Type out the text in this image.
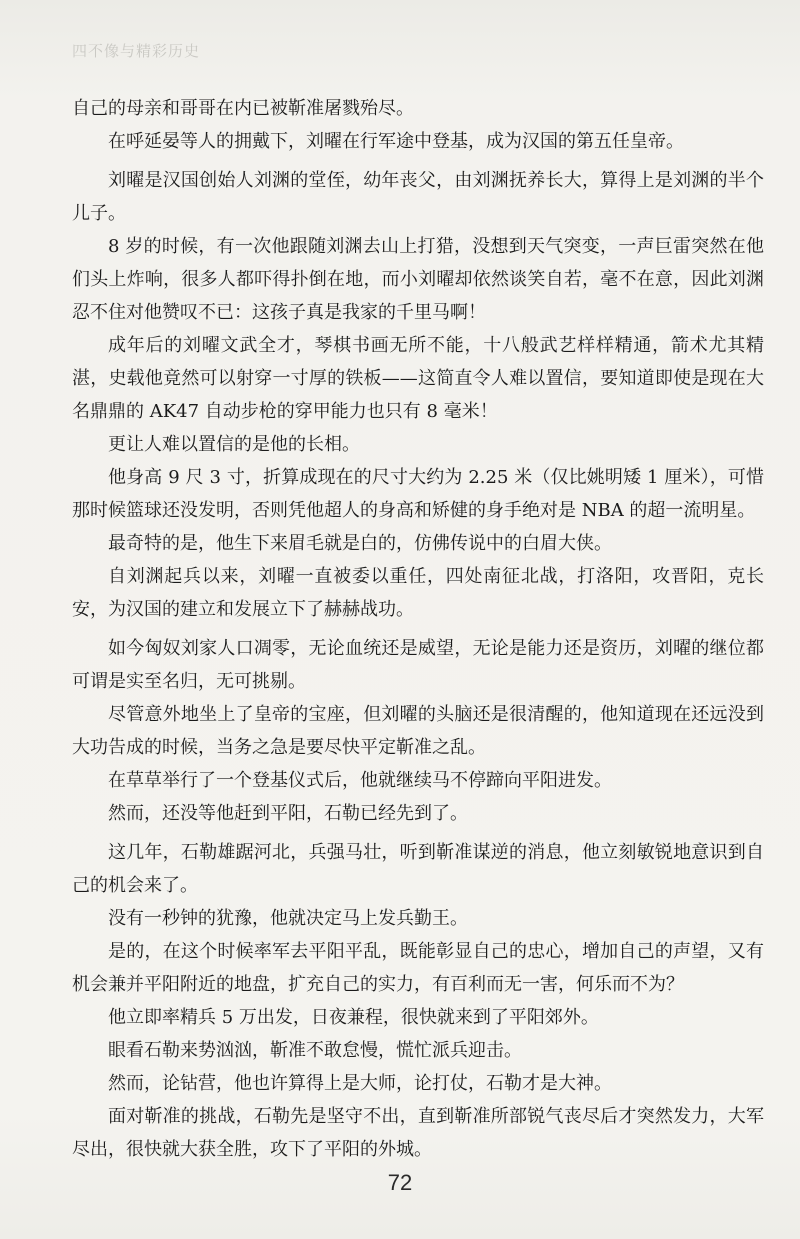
四不像与精彩历史

自己的母亲和哥哥在内已被靳准屠戮殆尽。

在呼延晏等人的拥戴下，刘曜在行军途中登基，成为汉国的第五任皇帝。

刘曜是汉国创始人刘渊的堂侄，幼年丧父，由刘渊抚养长大，算得上是刘渊的半个儿子。

8 岁的时候，有一次他跟随刘渊去山上打猎，没想到天气突变，一声巨雷突然在他们头上炸响，很多人都吓得扑倒在地，而小刘曜却依然谈笑自若，毫不在意，因此刘渊忍不住对他赞叹不已：这孩子真是我家的千里马啊！

成年后的刘曜文武全才，琴棋书画无所不能，十八般武艺样样精通，箭术尤其精湛，史载他竟然可以射穿一寸厚的铁板——这简直令人难以置信，要知道即使是现在大名鼎鼎的 AK47 自动步枪的穿甲能力也只有 8 毫米！

更让人难以置信的是他的长相。

他身高 9 尺 3 寸，折算成现在的尺寸大约为 2.25 米（仅比姚明矮 1 厘米），可惜那时候篮球还没发明，否则凭他超人的身高和矫健的身手绝对是 NBA 的超一流明星。

最奇特的是，他生下来眉毛就是白的，仿佛传说中的白眉大侠。

自刘渊起兵以来，刘曜一直被委以重任，四处南征北战，打洛阳，攻晋阳，克长安，为汉国的建立和发展立下了赫赫战功。

如今匈奴刘家人口凋零，无论血统还是威望，无论是能力还是资历，刘曜的继位都可谓是实至名归，无可挑剔。

尽管意外地坐上了皇帝的宝座，但刘曜的头脑还是很清醒的，他知道现在还远没到大功告成的时候，当务之急是要尽快平定靳准之乱。

在草草举行了一个登基仪式后，他就继续马不停蹄向平阳进发。

然而，还没等他赶到平阳，石勒已经先到了。

这几年，石勒雄踞河北，兵强马壮，听到靳准谋逆的消息，他立刻敏锐地意识到自己的机会来了。

没有一秒钟的犹豫，他就决定马上发兵勤王。

是的，在这个时候率军去平阳平乱，既能彰显自己的忠心，增加自己的声望，又有机会兼并平阳附近的地盘，扩充自己的实力，有百利而无一害，何乐而不为？

他立即率精兵 5 万出发，日夜兼程，很快就来到了平阳郊外。

眼看石勒来势汹汹，靳准不敢怠慢，慌忙派兵迎击。

然而，论钻营，他也许算得上是大师，论打仗，石勒才是大神。

面对靳准的挑战，石勒先是坚守不出，直到靳准所部锐气丧尽后才突然发力，大军尽出，很快就大获全胜，攻下了平阳的外城。

72
